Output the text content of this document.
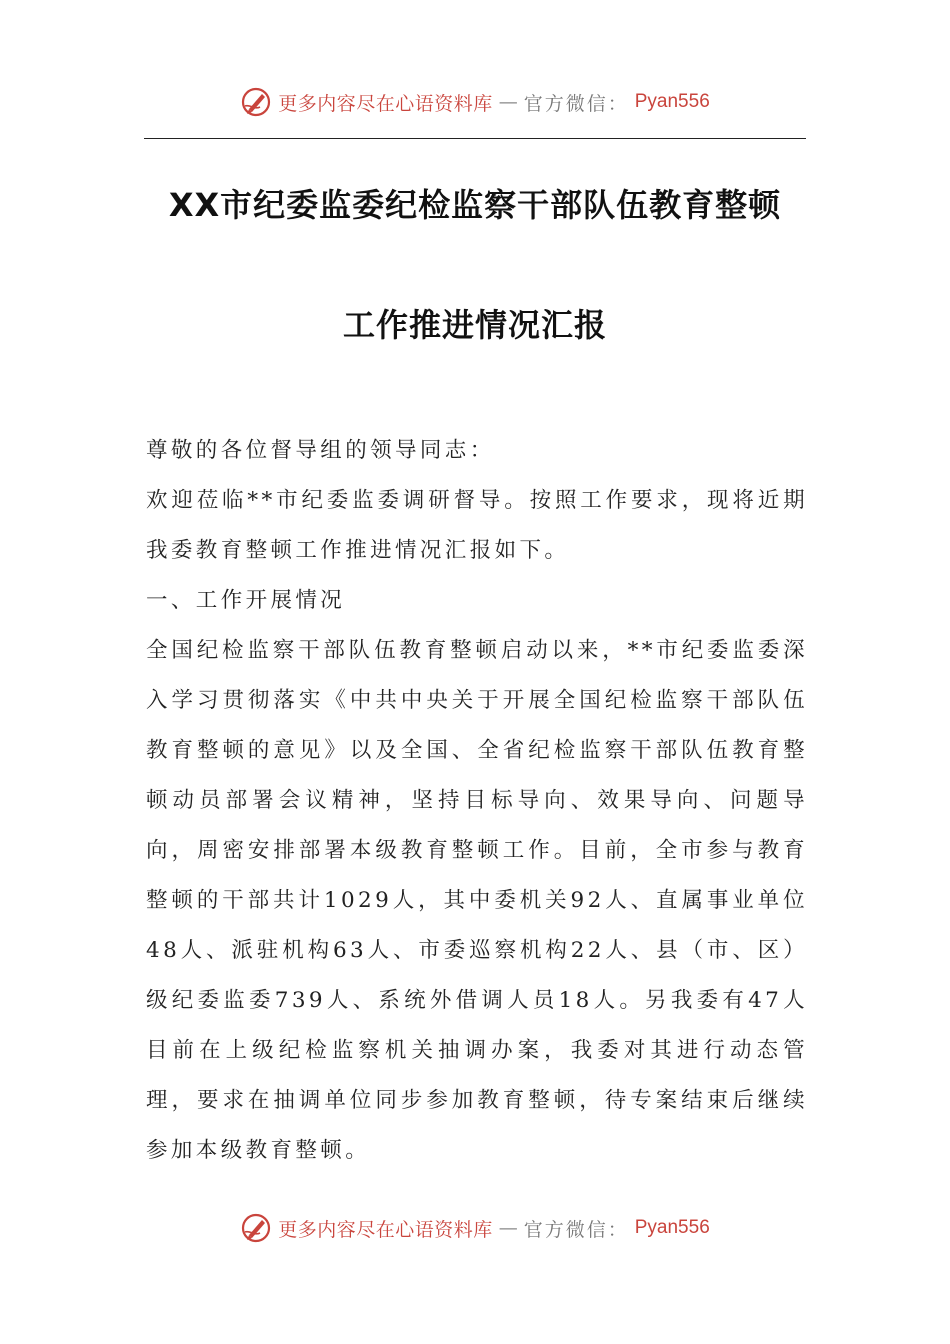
更多内容尽在心语资料库 — 官方微信： Pyan556
XX市纪委监委纪检监察干部队伍教育整顿
工作推进情况汇报

尊敬的各位督导组的领导同志：

欢迎莅临**市纪委监委调研督导。按照工作要求，现将近期我委教育整顿工作推进情况汇报如下。

一、工作开展情况

全国纪检监察干部队伍教育整顿启动以来，**市纪委监委深入学习贯彻落实《中共中央关于开展全国纪检监察干部队伍教育整顿的意见》以及全国、全省纪检监察干部队伍教育整顿动员部署会议精神，坚持目标导向、效果导向、问题导向，周密安排部署本级教育整顿工作。目前，全市参与教育整顿的干部共计1029人，其中委机关92人、直属事业单位48人、派驻机构63人、市委巡察机构22人、县（市、区）级纪委监委739人、系统外借调人员18人。另我委有47人目前在上级纪检监察机关抽调办案，我委对其进行动态管理，要求在抽调单位同步参加教育整顿，待专案结束后继续参加本级教育整顿。

更多内容尽在心语资料库 — 官方微信： Pyan556
